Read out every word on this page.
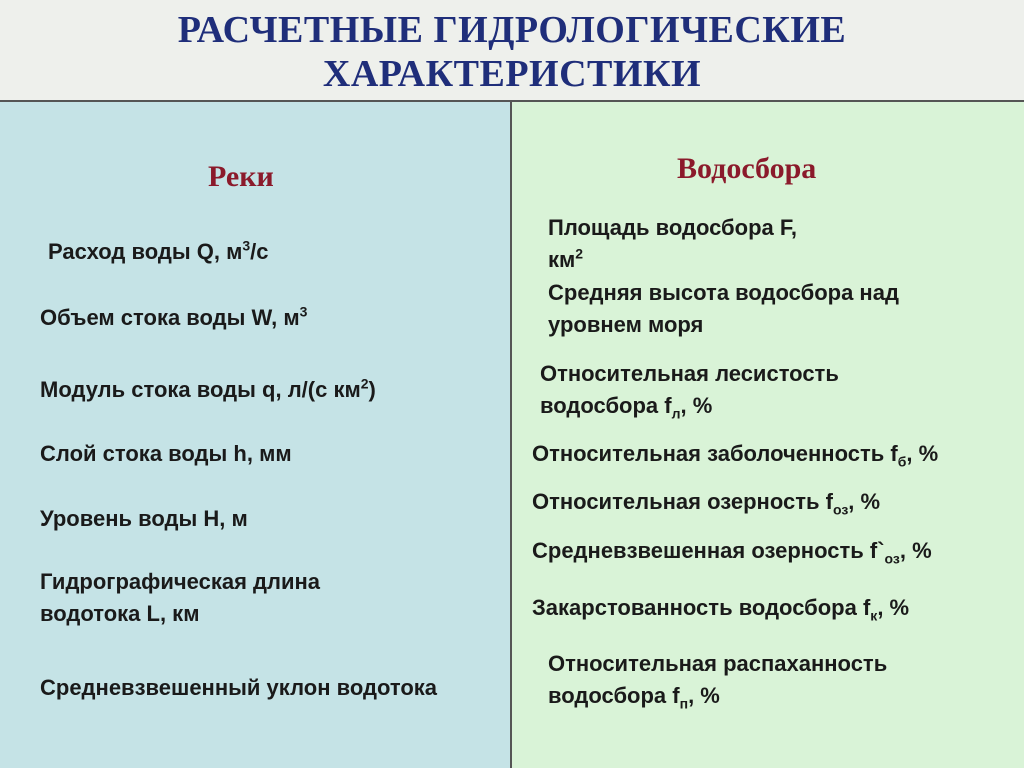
РАСЧЕТНЫЕ ГИДРОЛОГИЧЕСКИЕ
ХАРАКТЕРИСТИКИ
Реки
Расход воды Q, $м^3/с$
Объем стока воды W, $м^3$
Модуль стока воды q, л/(с $км^2$)
Слой стока воды h, мм
Уровень воды H, м
Гидрографическая длина
водотока L, км
Средневзвешенный уклон водотока
Водосбора
Площадь водосбора F,
$км^2$
Средняя высота водосбора над
уровнем моря
Относительная лесистость
водосбора $f_л$, %
Относительная заболоченность $f_б$, %
Относительная озерность $f_{оз}$, %
Средневзвешенная озерность $f`_{оз}$, %
Закарстованность водосбора $f_к$, %
Относительная распаханность
водосбора $f_п$, %
